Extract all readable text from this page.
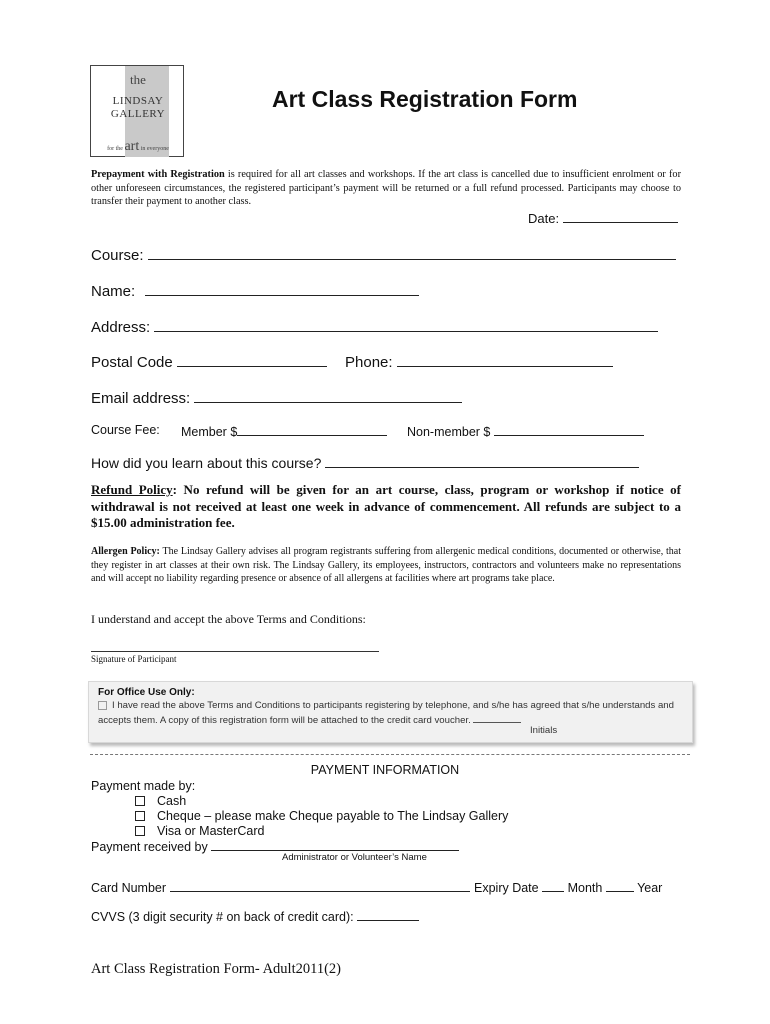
the
LINDSAY
GALLERY
for the art in everyone
Art Class Registration Form
Prepayment with Registration is required for all art classes and workshops. If the art class is cancelled due to insufficient enrolment or for other unforeseen circumstances, the registered participant’s payment will be returned or a full refund processed. Participants may choose to transfer their payment to another class.
Date:
Course:
Name:
Address:
Postal Code	Phone:
Email address:
Course Fee: Member $	Non-member $
How did you learn about this course?
Refund Policy: No refund will be given for an art course, class, program or workshop if notice of withdrawal is not received at least one week in advance of commencement. All refunds are subject to a $15.00 administration fee.
Allergen Policy: The Lindsay Gallery advises all program registrants suffering from allergenic medical conditions, documented or otherwise, that they register in art classes at their own risk. The Lindsay Gallery, its employees, instructors, contractors and volunteers make no representations and will accept no liability regarding presence or absence of all allergens at facilities where art programs take place.
I understand and accept the above Terms and Conditions:
Signature of Participant
For Office Use Only:
I have read the above Terms and Conditions to participants registering by telephone, and s/he has agreed that s/he understands and accepts them. A copy of this registration form will be attached to the credit card voucher.
Initials
PAYMENT INFORMATION
Payment made by:
Cash
Cheque – please make Cheque payable to The Lindsay Gallery
Visa or MasterCard
Payment received by
Administrator or Volunteer’s Name
Card Number	Expiry Date Month	Year
CVVS (3 digit security # on back of credit card):
Art Class Registration Form- Adult2011(2)
